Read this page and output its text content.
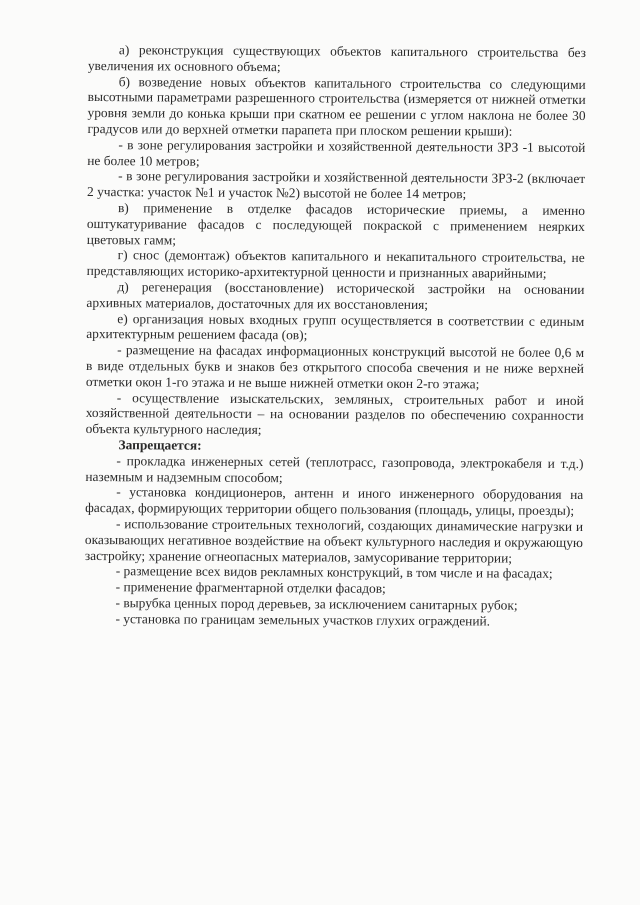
а) реконструкция существующих объектов капитального строительства без увеличения их основного объема;

б) возведение новых объектов капитального строительства со следующими высотными параметрами разрешенного строительства (измеряется от нижней отметки уровня земли до конька крыши при скатном ее решении с углом наклона не более 30 градусов или до верхней отметки парапета при плоском решении крыши):

- в зоне регулирования застройки и хозяйственной деятельности ЗРЗ -1 высотой не более 10 метров;

- в зоне регулирования застройки и хозяйственной деятельности ЗРЗ-2 (включает 2 участка: участок №1 и участок №2) высотой не более 14 метров;

в) применение в отделке фасадов исторические приемы, а именно оштукатуривание фасадов с последующей покраской с применением неярких цветовых гамм;

г) снос (демонтаж) объектов капитального и некапитального строительства, не представляющих историко-архитектурной ценности и признанных аварийными;

д) регенерация (восстановление) исторической застройки на основании архивных материалов, достаточных для их восстановления;

е) организация новых входных групп осуществляется в соответствии с единым архитектурным решением фасада (ов);

- размещение на фасадах информационных конструкций высотой не более 0,6 м в виде отдельных букв и знаков без открытого способа свечения и не ниже верхней отметки окон 1-го этажа и не выше нижней отметки окон 2-го этажа;

- осуществление изыскательских, земляных, строительных работ и иной хозяйственной деятельности – на основании разделов по обеспечению сохранности объекта культурного наследия;

Запрещается:

- прокладка инженерных сетей (теплотрасс, газопровода, электрокабеля и т.д.) наземным и надземным способом;

- установка кондиционеров, антенн и иного инженерного оборудования на фасадах, формирующих территории общего пользования (площадь, улицы, проезды);

- использование строительных технологий, создающих динамические нагрузки и оказывающих негативное воздействие на объект культурного наследия и окружающую застройку; хранение огнеопасных материалов, замусоривание территории;

- размещение всех видов рекламных конструкций, в том числе и на фасадах;

- применение фрагментарной отделки фасадов;

- вырубка ценных пород деревьев, за исключением санитарных рубок;

- установка по границам земельных участков глухих ограждений.
